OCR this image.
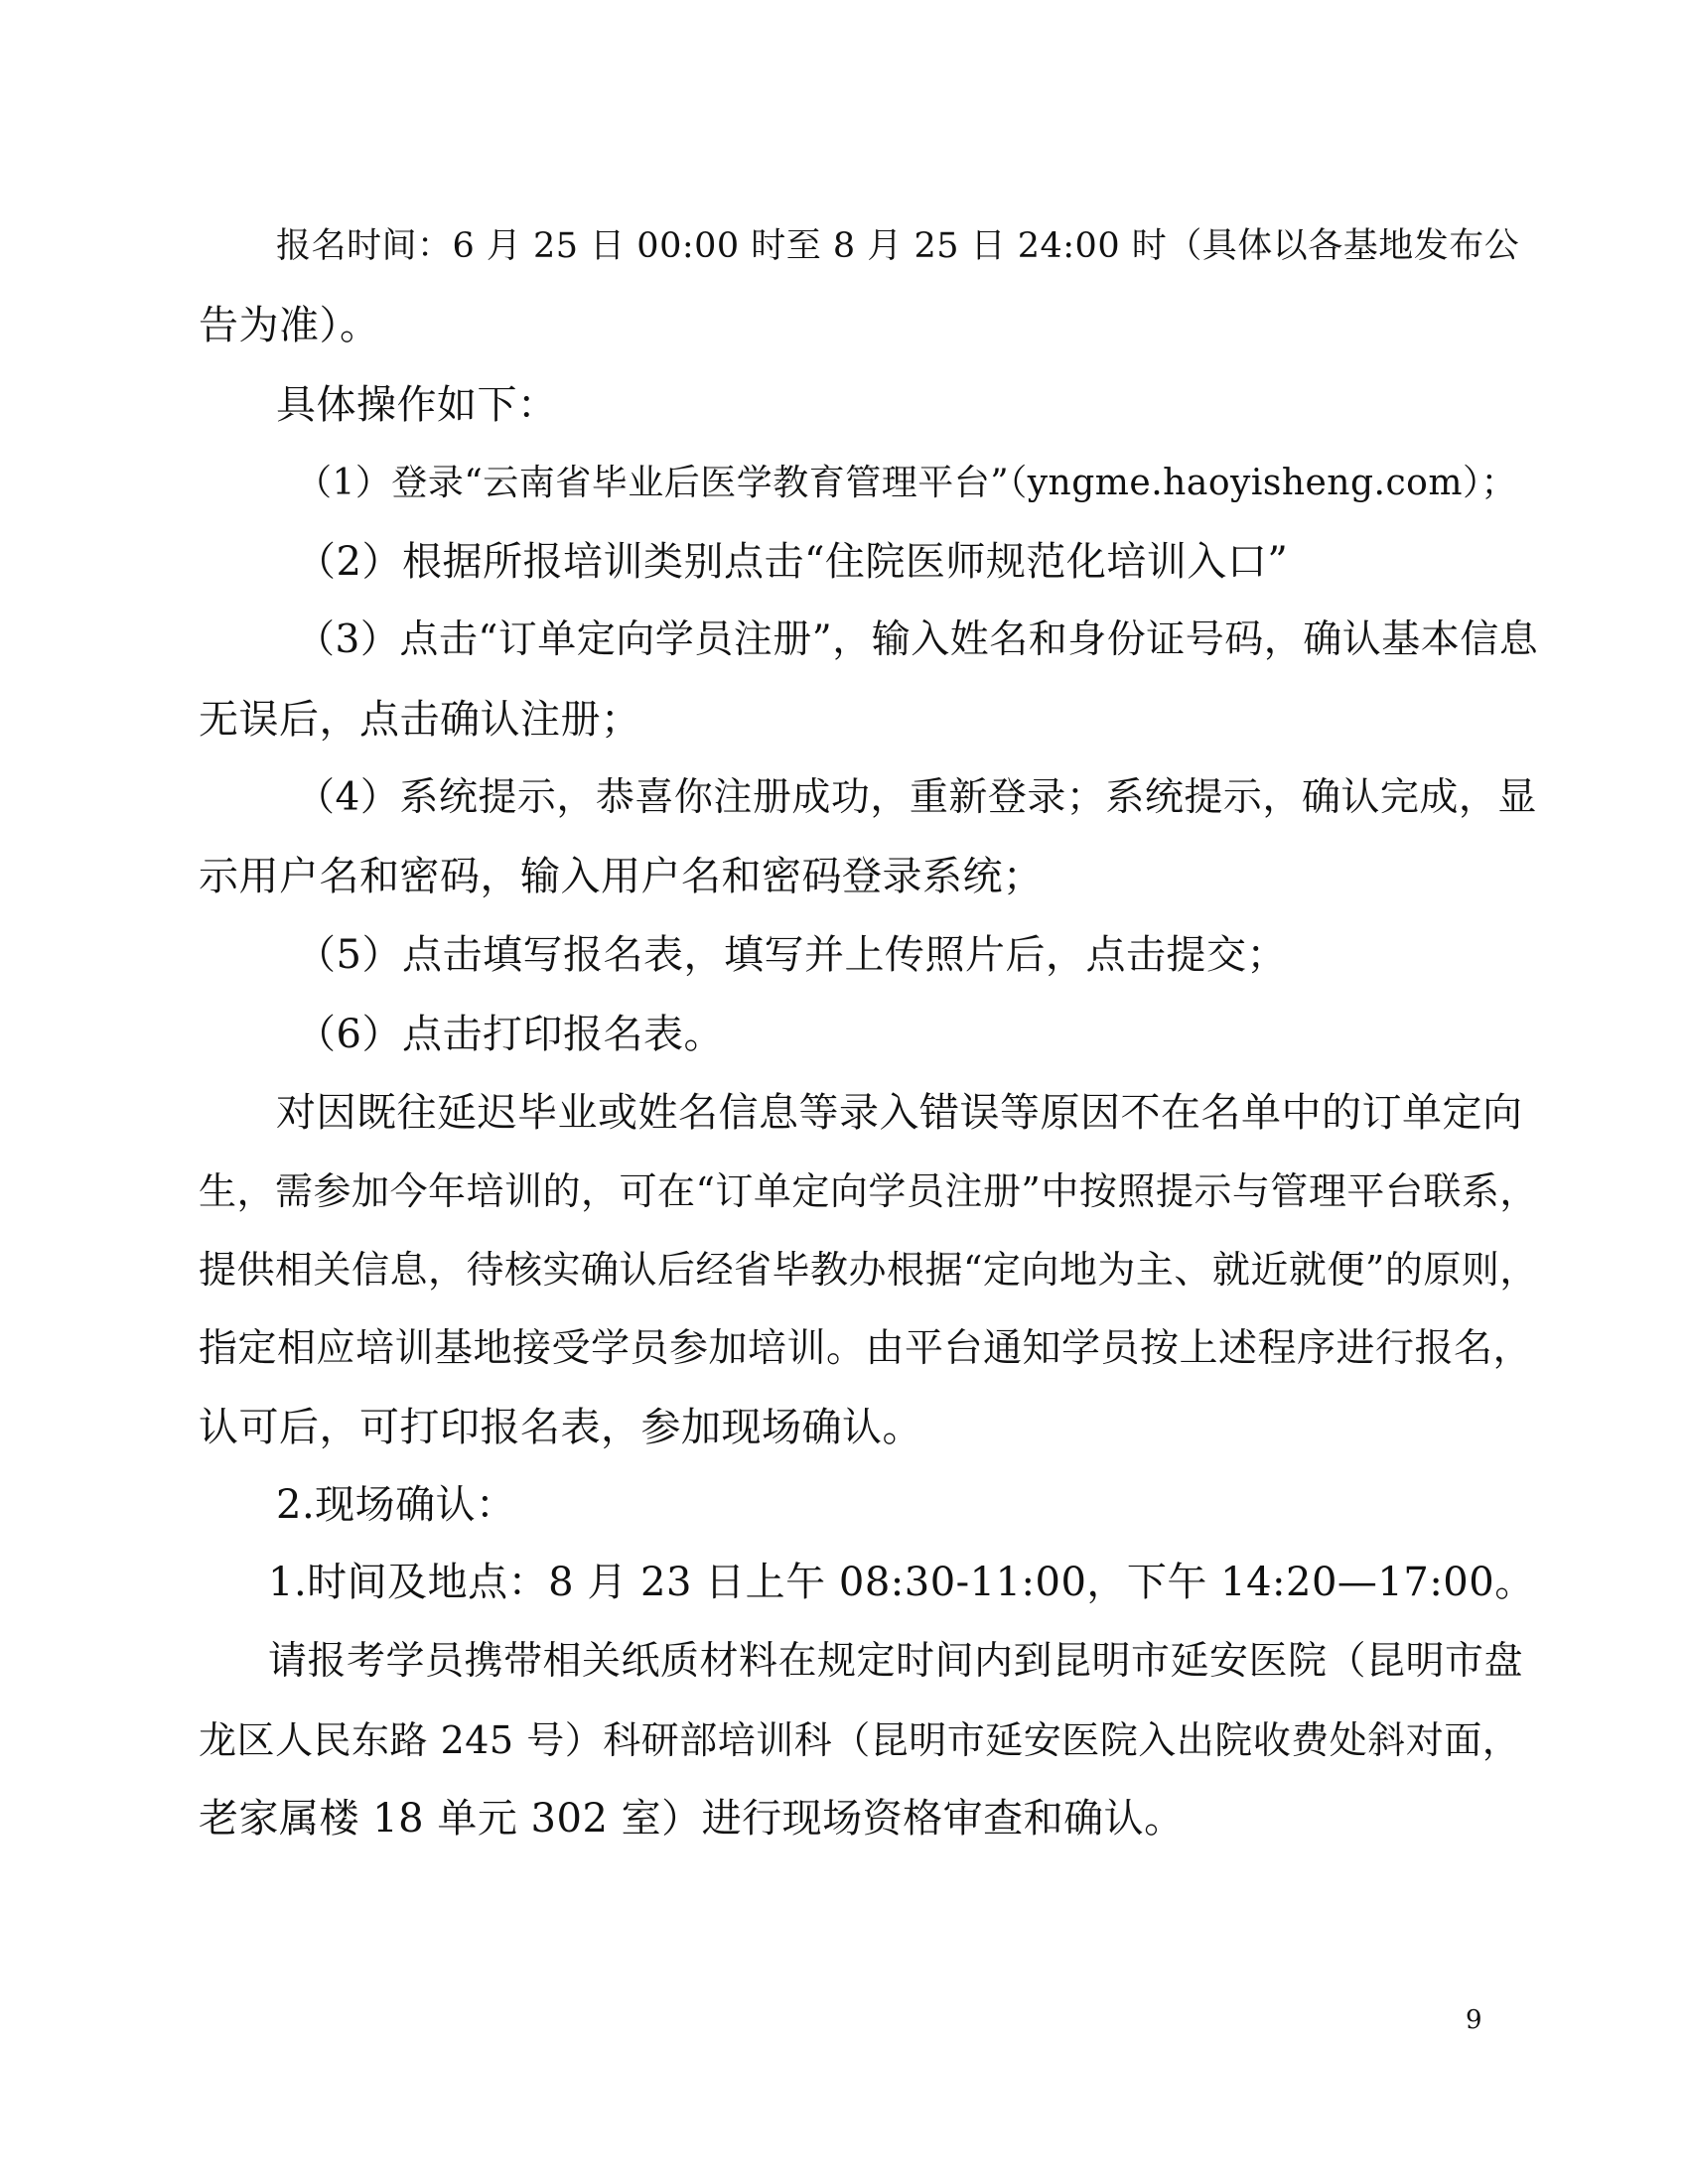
报名时间：6 月 25 日 00:00 时至 8 月 25 日 24:00 时（具体以各基地发布公
告为准）。
具体操作如下：
（1）登录“云南省毕业后医学教育管理平台”（yngme.haoyisheng.com）；
（2）根据所报培训类别点击“住院医师规范化培训入口”
（3）点击“订单定向学员注册”，输入姓名和身份证号码，确认基本信息
无误后，点击确认注册；
（4）系统提示，恭喜你注册成功，重新登录；系统提示，确认完成，显
示用户名和密码，输入用户名和密码登录系统；
（5）点击填写报名表，填写并上传照片后，点击提交；
（6）点击打印报名表。
对因既往延迟毕业或姓名信息等录入错误等原因不在名单中的订单定向
生，需参加今年培训的，可在“订单定向学员注册”中按照提示与管理平台联系，
提供相关信息，待核实确认后经省毕教办根据“定向地为主、就近就便”的原则，
指定相应培训基地接受学员参加培训。由平台通知学员按上述程序进行报名，
认可后，可打印报名表，参加现场确认。
2.现场确认：
1.时间及地点：8 月 23 日上午 08:30-11:00，下午 14:20—17:00。
请报考学员携带相关纸质材料在规定时间内到昆明市延安医院（昆明市盘
龙区人民东路 245 号）科研部培训科（昆明市延安医院入出院收费处斜对面，
老家属楼 18 单元 302 室）进行现场资格审查和确认。
9
